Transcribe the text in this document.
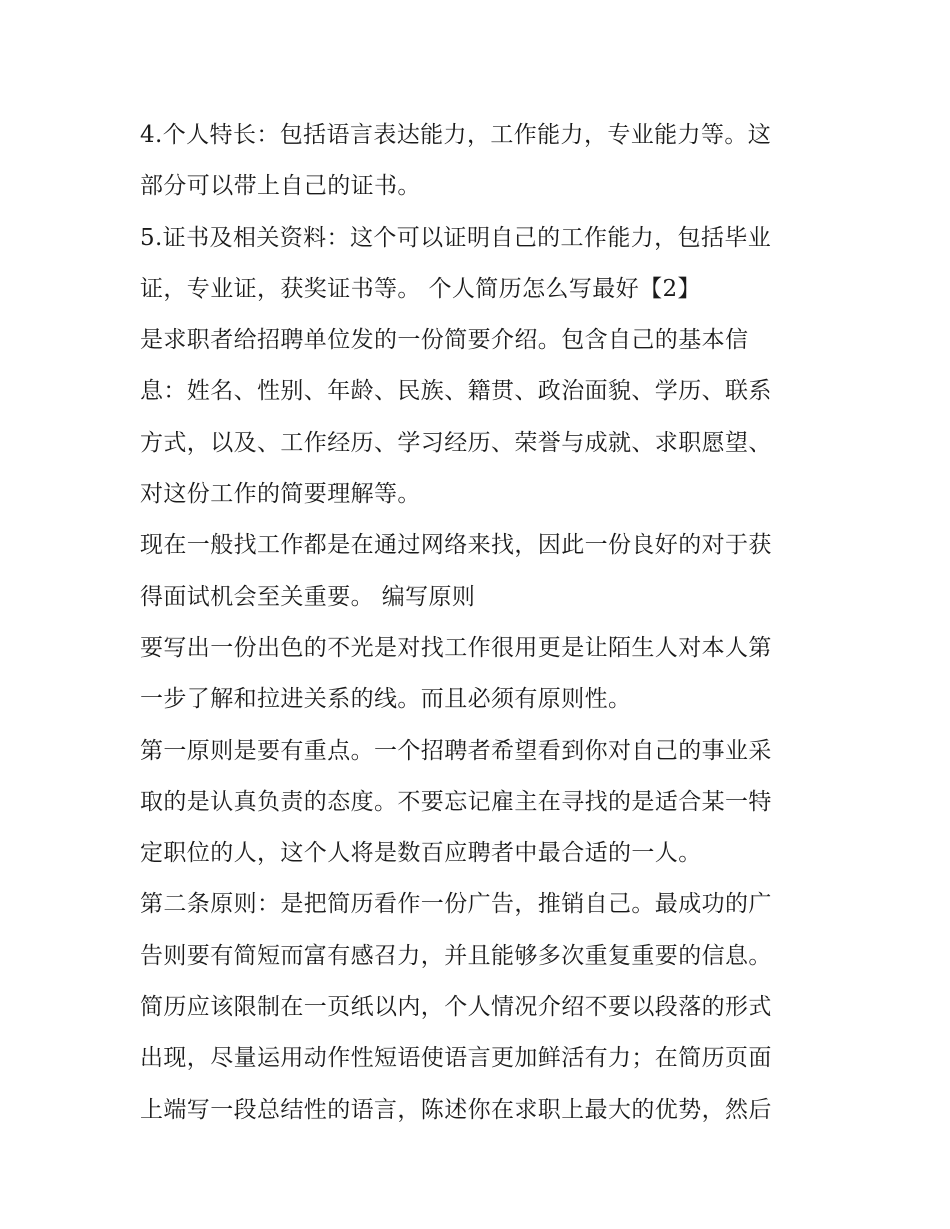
4.个人特长：包括语言表达能力，工作能力，专业能力等。这
部分可以带上自己的证书。
5.证书及相关资料：这个可以证明自己的工作能力，包括毕业
证，专业证，获奖证书等。 个人简历怎么写最好【2】
是求职者给招聘单位发的一份简要介绍。包含自己的基本信
息：姓名、性别、年龄、民族、籍贯、政治面貌、学历、联系
方式，以及、工作经历、学习经历、荣誉与成就、求职愿望、
对这份工作的简要理解等。
现在一般找工作都是在通过网络来找，因此一份良好的对于获
得面试机会至关重要。 编写原则
要写出一份出色的不光是对找工作很用更是让陌生人对本人第
一步了解和拉进关系的线。而且必须有原则性。
第一原则是要有重点。一个招聘者希望看到你对自己的事业采
取的是认真负责的态度。不要忘记雇主在寻找的是适合某一特
定职位的人，这个人将是数百应聘者中最合适的一人。
第二条原则：是把简历看作一份广告，推销自己。最成功的广
告则要有简短而富有感召力，并且能够多次重复重要的信息。
简历应该限制在一页纸以内，个人情况介绍不要以段落的形式
出现，尽量运用动作性短语使语言更加鲜活有力；在简历页面
上端写一段总结性的语言，陈述你在求职上最大的优势，然后
